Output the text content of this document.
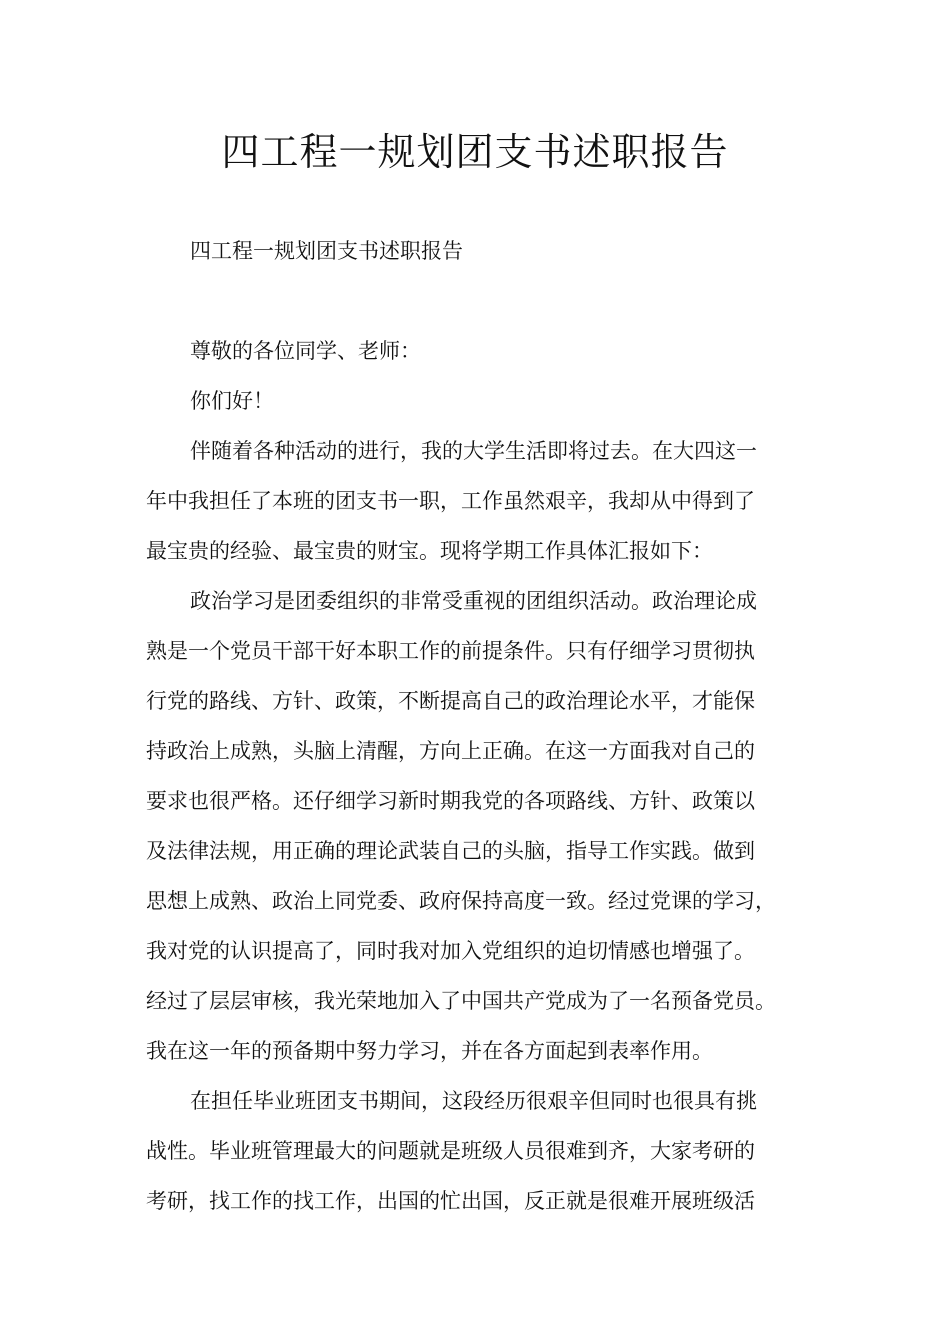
四工程一规划团支书述职报告

四工程一规划团支书述职报告

尊敬的各位同学、老师：

你们好！

伴随着各种活动的进行，我的大学生活即将过去。在大四这一

年中我担任了本班的团支书一职，工作虽然艰辛，我却从中得到了

最宝贵的经验、最宝贵的财宝。现将学期工作具体汇报如下：

政治学习是团委组织的非常受重视的团组织活动。政治理论成

熟是一个党员干部干好本职工作的前提条件。只有仔细学习贯彻执

行党的路线、方针、政策，不断提高自己的政治理论水平，才能保

持政治上成熟，头脑上清醒，方向上正确。在这一方面我对自己的

要求也很严格。还仔细学习新时期我党的各项路线、方针、政策以

及法律法规，用正确的理论武装自己的头脑，指导工作实践。做到

思想上成熟、政治上同党委、政府保持高度一致。经过党课的学习，

我对党的认识提高了，同时我对加入党组织的迫切情感也增强了。

经过了层层审核，我光荣地加入了中国共产党成为了一名预备党员。

我在这一年的预备期中努力学习，并在各方面起到表率作用。

在担任毕业班团支书期间，这段经历很艰辛但同时也很具有挑

战性。毕业班管理最大的问题就是班级人员很难到齐，大家考研的

考研，找工作的找工作，出国的忙出国，反正就是很难开展班级活
